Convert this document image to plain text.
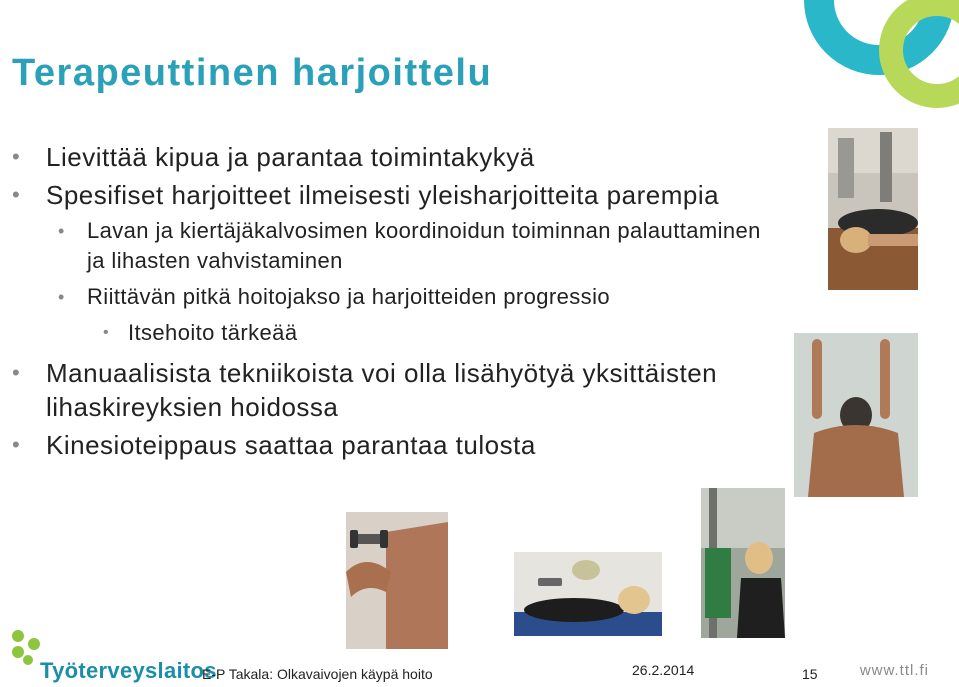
Terapeuttinen harjoittelu
• Lievittää kipua ja parantaa toimintakykyä
• Spesifiset harjoitteet ilmeisesti yleisharjoitteita parempia
• Lavan ja kiertäjäkalvosimen koordinoidun toiminnan palauttaminen ja lihasten vahvistaminen
• Riittävän pitkä hoitojakso ja harjoitteiden progressio
• Itsehoito tärkeää
• Manuaalisista tekniikoista voi olla lisähyötyä yksittäisten lihaskireyksien hoidossa
• Kinesioteippaus saattaa parantaa tulosta
Työterveyslaitos
E-P Takala: Olkavaivojen käypä hoito	26.2.2014	15	www.ttl.fi
